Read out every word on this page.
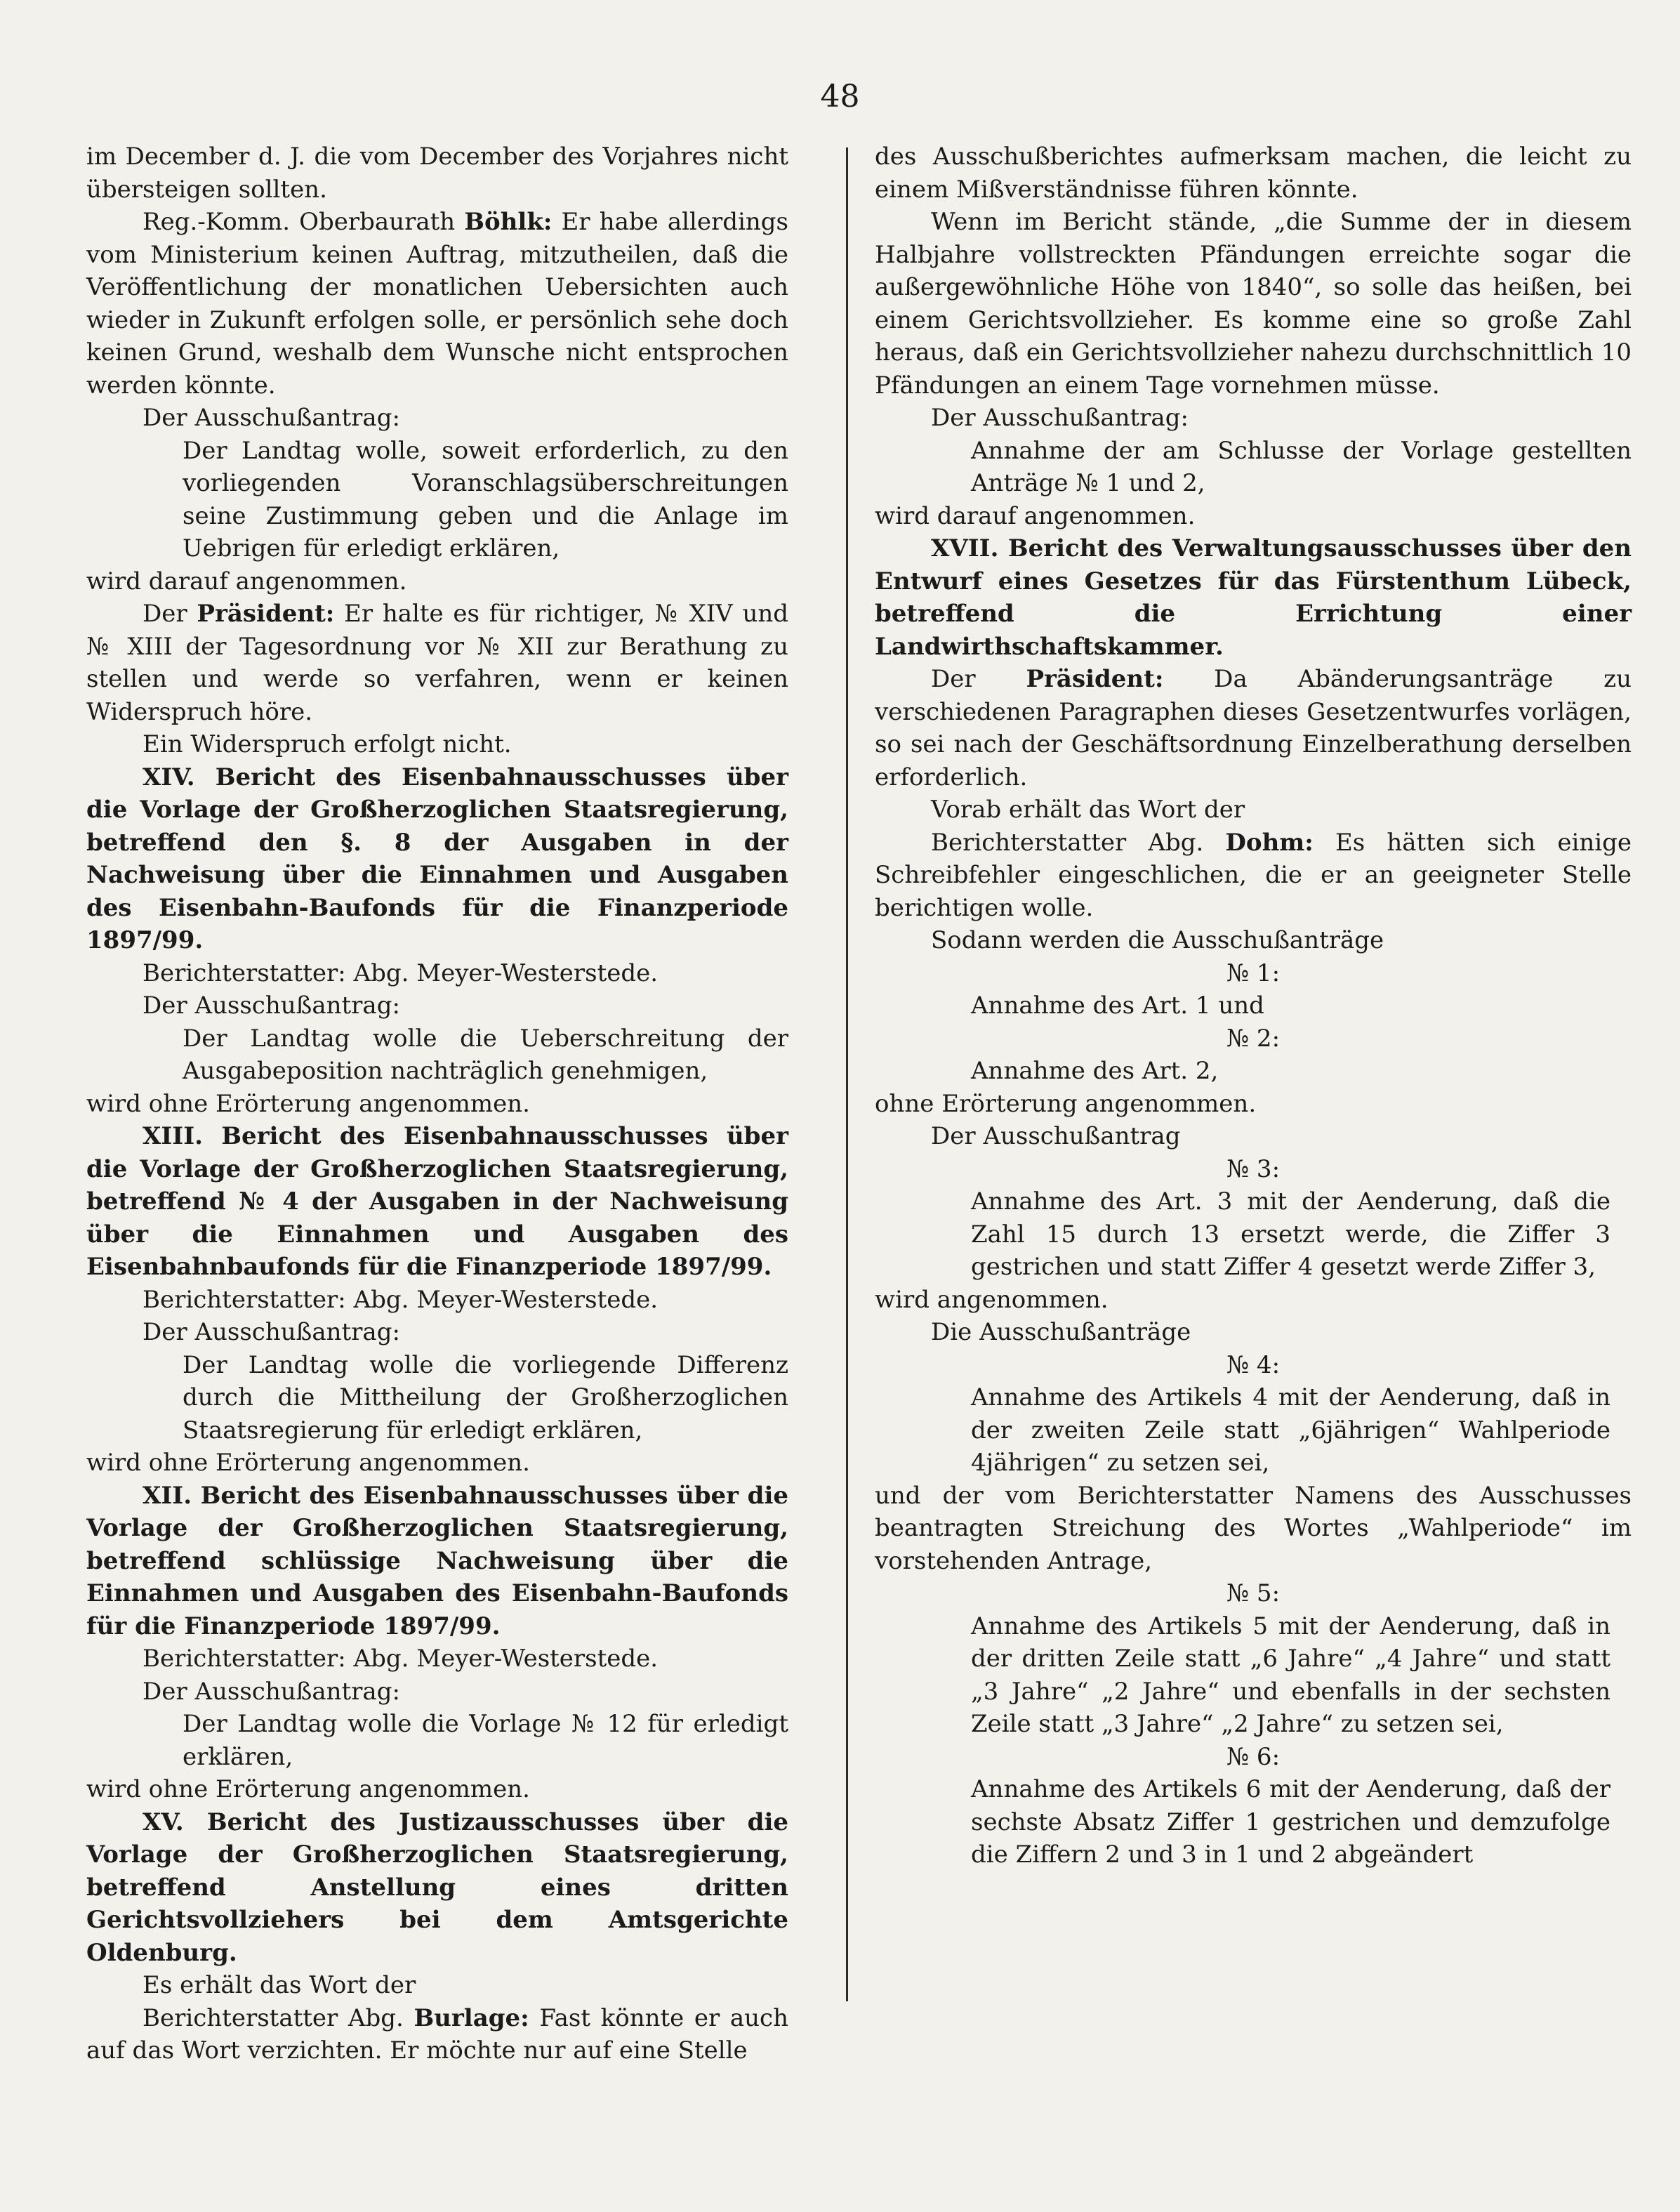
48

im December d. J. die vom December des Vorjahres nicht übersteigen sollten.

Reg.-Komm. Oberbaurath Böhlk: Er habe allerdings vom Ministerium keinen Auftrag, mitzutheilen, daß die Veröffentlichung der monatlichen Uebersichten auch wieder in Zukunft erfolgen solle, er persönlich sehe doch keinen Grund, weshalb dem Wunsche nicht entsprochen werden könnte.

Der Ausschußantrag:

Der Landtag wolle, soweit erforderlich, zu den vorliegenden Voranschlagsüberschreitungen seine Zustimmung geben und die Anlage im Uebrigen für erledigt erklären,

wird darauf angenommen.

Der Präsident: Er halte es für richtiger, № XIV und № XIII der Tagesordnung vor № XII zur Berathung zu stellen und werde so verfahren, wenn er keinen Widerspruch höre.

Ein Widerspruch erfolgt nicht.

XIV. Bericht des Eisenbahnausschusses über die Vorlage der Großherzoglichen Staatsregierung, betreffend den §. 8 der Ausgaben in der Nachweisung über die Einnahmen und Ausgaben des Eisenbahn-Baufonds für die Finanzperiode 1897/99.

Berichterstatter: Abg. Meyer-Westerstede.

Der Ausschußantrag:

Der Landtag wolle die Ueberschreitung der Ausgabeposition nachträglich genehmigen,

wird ohne Erörterung angenommen.

XIII. Bericht des Eisenbahnausschusses über die Vorlage der Großherzoglichen Staatsregierung, betreffend № 4 der Ausgaben in der Nachweisung über die Einnahmen und Ausgaben des Eisenbahnbaufonds für die Finanzperiode 1897/99.

Berichterstatter: Abg. Meyer-Westerstede.

Der Ausschußantrag:

Der Landtag wolle die vorliegende Differenz durch die Mittheilung der Großherzoglichen Staatsregierung für erledigt erklären,

wird ohne Erörterung angenommen.

XII. Bericht des Eisenbahnausschusses über die Vorlage der Großherzoglichen Staatsregierung, betreffend schlüssige Nachweisung über die Einnahmen und Ausgaben des Eisenbahn-Baufonds für die Finanzperiode 1897/99.

Berichterstatter: Abg. Meyer-Westerstede.

Der Ausschußantrag:

Der Landtag wolle die Vorlage № 12 für erledigt erklären,

wird ohne Erörterung angenommen.

XV. Bericht des Justizausschusses über die Vorlage der Großherzoglichen Staatsregierung, betreffend Anstellung eines dritten Gerichtsvollziehers bei dem Amtsgerichte Oldenburg.

Es erhält das Wort der

Berichterstatter Abg. Burlage: Fast könnte er auch auf das Wort verzichten. Er möchte nur auf eine Stelle

des Ausschußberichtes aufmerksam machen, die leicht zu einem Mißverständnisse führen könnte.

Wenn im Bericht stände, „die Summe der in diesem Halbjahre vollstreckten Pfändungen erreichte sogar die außergewöhnliche Höhe von 1840“, so solle das heißen, bei einem Gerichtsvollzieher. Es komme eine so große Zahl heraus, daß ein Gerichtsvollzieher nahezu durchschnittlich 10 Pfändungen an einem Tage vornehmen müsse.

Der Ausschußantrag:

Annahme der am Schlusse der Vorlage gestellten Anträge № 1 und 2,

wird darauf angenommen.

XVII. Bericht des Verwaltungsausschusses über den Entwurf eines Gesetzes für das Fürstenthum Lübeck, betreffend die Errichtung einer Landwirthschaftskammer.

Der Präsident: Da Abänderungsanträge zu verschiedenen Paragraphen dieses Gesetzentwurfes vorlägen, so sei nach der Geschäftsordnung Einzelberathung derselben erforderlich.

Vorab erhält das Wort der

Berichterstatter Abg. Dohm: Es hätten sich einige Schreibfehler eingeschlichen, die er an geeigneter Stelle berichtigen wolle.

Sodann werden die Ausschußanträge

№ 1:

Annahme des Art. 1 und

№ 2:

Annahme des Art. 2,

ohne Erörterung angenommen.

Der Ausschußantrag

№ 3:

Annahme des Art. 3 mit der Aenderung, daß die Zahl 15 durch 13 ersetzt werde, die Ziffer 3 gestrichen und statt Ziffer 4 gesetzt werde Ziffer 3,

wird angenommen.

Die Ausschußanträge

№ 4:

Annahme des Artikels 4 mit der Aenderung, daß in der zweiten Zeile statt „6jährigen“ Wahlperiode 4jährigen“ zu setzen sei,

und der vom Berichterstatter Namens des Ausschusses beantragten Streichung des Wortes „Wahlperiode“ im vorstehenden Antrage,

№ 5:

Annahme des Artikels 5 mit der Aenderung, daß in der dritten Zeile statt „6 Jahre“ „4 Jahre“ und statt „3 Jahre“ „2 Jahre“ und ebenfalls in der sechsten Zeile statt „3 Jahre“ „2 Jahre“ zu setzen sei,

№ 6:

Annahme des Artikels 6 mit der Aenderung, daß der sechste Absatz Ziffer 1 gestrichen und demzufolge die Ziffern 2 und 3 in 1 und 2 abgeändert
